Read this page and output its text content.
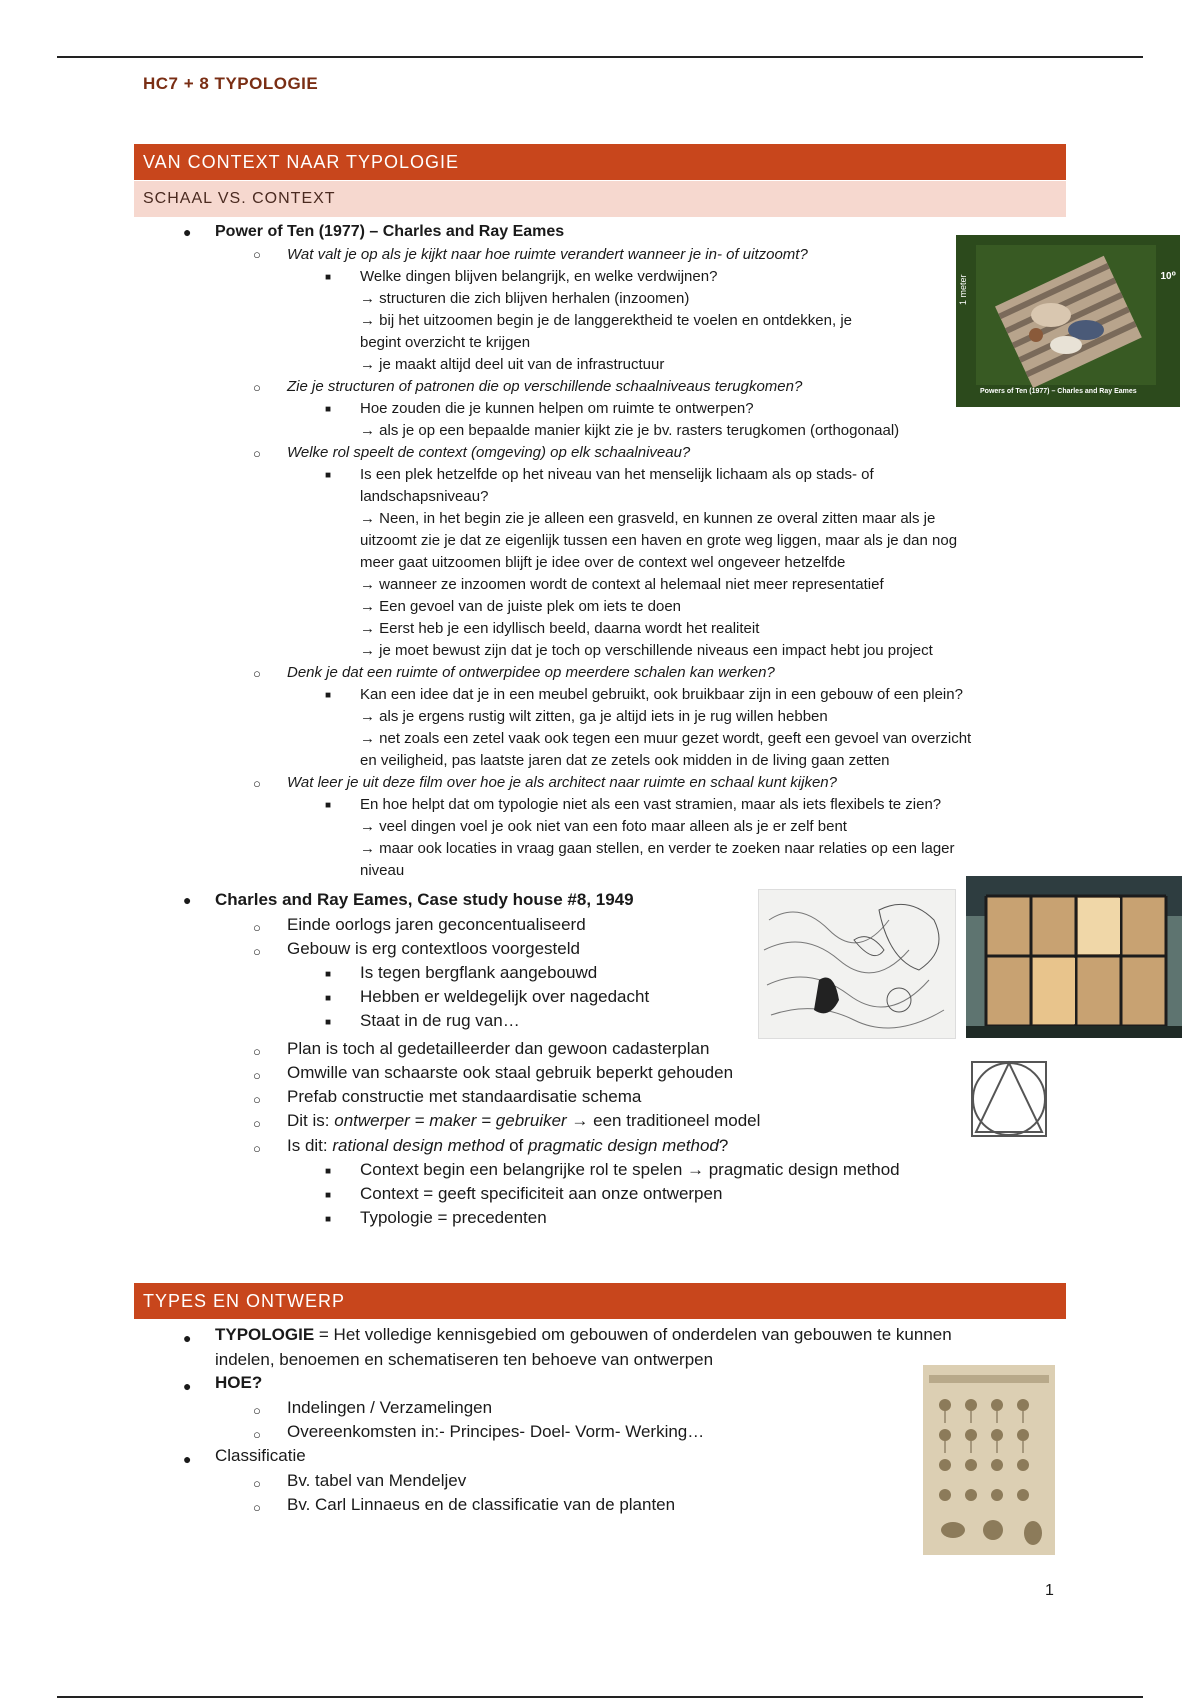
HC7 + 8 TYPOLOGIE
VAN CONTEXT NAAR TYPOLOGIE
SCHAAL VS. CONTEXT
1 meter	10⁰
Powers of Ten (1977) – Charles and Ray Eames
● Power of Ten (1977) – Charles and Ray Eames
○ Wat valt je op als je kijkt naar hoe ruimte verandert wanneer je in- of uitzoomt?
■ Welke dingen blijven belangrijk, en welke verdwijnen?
→ structuren die zich blijven herhalen (inzoomen)
→ bij het uitzoomen begin je de langgerektheid te voelen en ontdekken, je
begint overzicht te krijgen
→ je maakt altijd deel uit van de infrastructuur
○ Zie je structuren of patronen die op verschillende schaalniveaus terugkomen?
■ Hoe zouden die je kunnen helpen om ruimte te ontwerpen?
→ als je op een bepaalde manier kijkt zie je bv. rasters terugkomen (orthogonaal)
○ Welke rol speelt de context (omgeving) op elk schaalniveau?
■ Is een plek hetzelfde op het niveau van het menselijk lichaam als op stads- of
landschapsniveau?
→ Neen, in het begin zie je alleen een grasveld, en kunnen ze overal zitten maar als je
uitzoomt zie je dat ze eigenlijk tussen een haven en grote weg liggen, maar als je dan nog
meer gaat uitzoomen blijft je idee over de context wel ongeveer hetzelfde
→ wanneer ze inzoomen wordt de context al helemaal niet meer representatief
→ Een gevoel van de juiste plek om iets te doen
→ Eerst heb je een idyllisch beeld, daarna wordt het realiteit
→ je moet bewust zijn dat je toch op verschillende niveaus een impact hebt jou project
○ Denk je dat een ruimte of ontwerpidee op meerdere schalen kan werken?
■ Kan een idee dat je in een meubel gebruikt, ook bruikbaar zijn in een gebouw of een plein?
→ als je ergens rustig wilt zitten, ga je altijd iets in je rug willen hebben
→ net zoals een zetel vaak ook tegen een muur gezet wordt, geeft een gevoel van overzicht
en veiligheid, pas laatste jaren dat ze zetels ook midden in de living gaan zetten
○ Wat leer je uit deze film over hoe je als architect naar ruimte en schaal kunt kijken?
■ En hoe helpt dat om typologie niet als een vast stramien, maar als iets flexibels te zien?
→ veel dingen voel je ook niet van een foto maar alleen als je er zelf bent
→ maar ook locaties in vraag gaan stellen, en verder te zoeken naar relaties op een lager
niveau
● Charles and Ray Eames, Case study house #8, 1949
○ Einde oorlogs jaren geconcentualiseerd
○ Gebouw is erg contextloos voorgesteld
■ Is tegen bergflank aangebouwd
■ Hebben er weldegelijk over nagedacht
■ Staat in de rug van…
○ Plan is toch al gedetailleerder dan gewoon cadasterplan
○ Omwille van schaarste ook staal gebruik beperkt gehouden
○ Prefab constructie met standaardisatie schema
○ Dit is: ontwerper = maker = gebruiker → een traditioneel model
○ Is dit: rational design method of pragmatic design method?
■ Context begin een belangrijke rol te spelen → pragmatic design method
■ Context = geeft specificiteit aan onze ontwerpen
■ Typologie = precedenten
TYPES EN ONTWERP
● TYPOLOGIE = Het volledige kennisgebied om gebouwen of onderdelen van gebouwen te kunnen
indelen, benoemen en schematiseren ten behoeve van ontwerpen
● HOE?
○ Indelingen / Verzamelingen
○ Overeenkomsten in:- Principes- Doel- Vorm- Werking…
● Classificatie
○ Bv. tabel van Mendeljev
○ Bv. Carl Linnaeus en de classificatie van de planten
1
